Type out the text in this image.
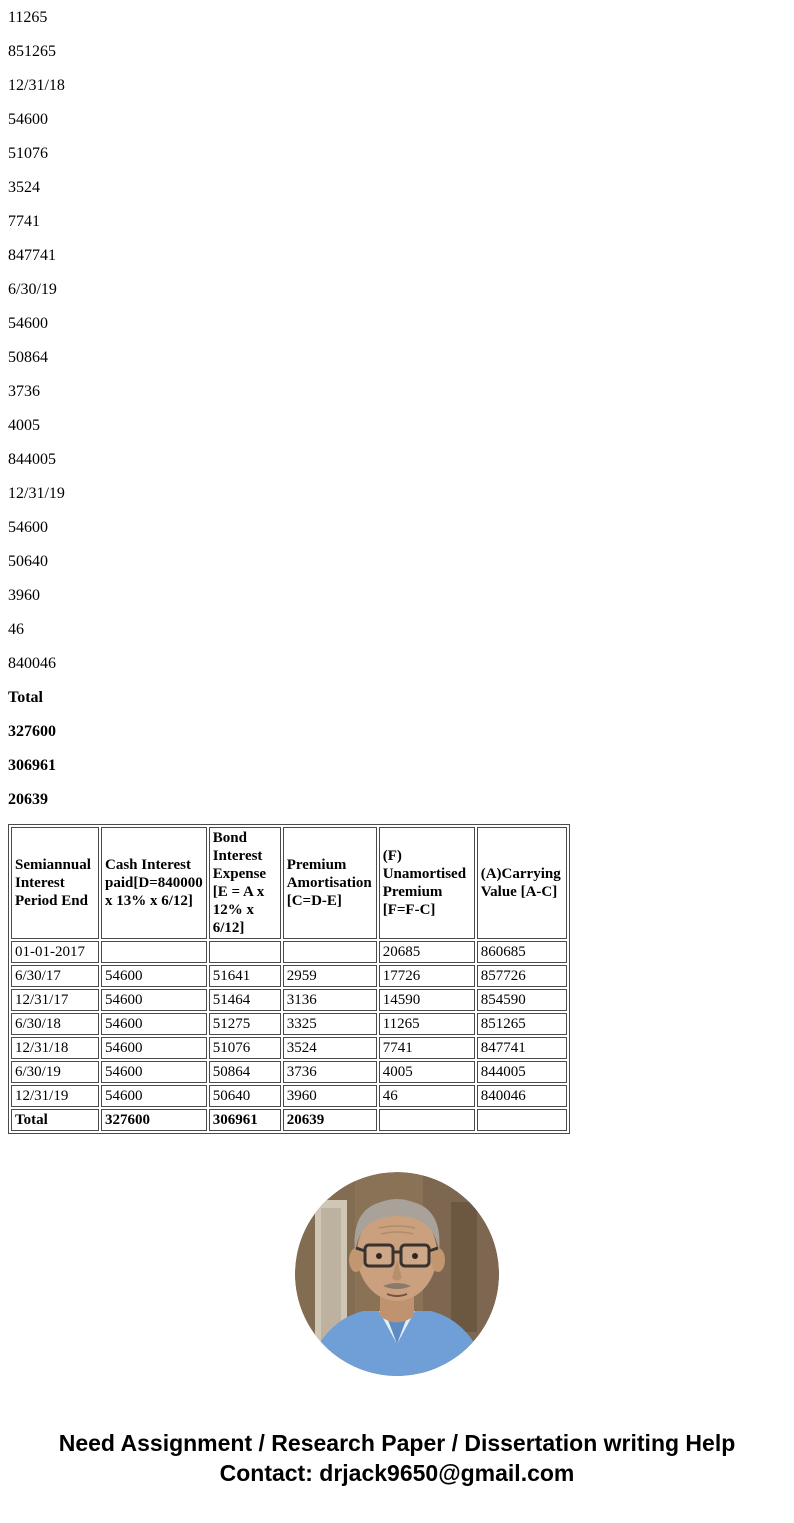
11265

851265

12/31/18

54600

51076

3524

7741

847741

6/30/19

54600

50864

3736

4005

844005

12/31/19

54600

50640

3960

46

840046

Total

327600

306961

20639

Semiannual Interest Period End	Cash Interest paid[D=840000 x 13% x 6/12]	Bond Interest Expense [E = A x 12% x 6/12]	Premium Amortisation [C=D-E]	(F) Unamortised Premium [F=F-C]	(A)Carrying Value [A-C]
01-01-2017				20685	860685
6/30/17	54600	51641	2959	17726	857726
12/31/17	54600	51464	3136	14590	854590
6/30/18	54600	51275	3325	11265	851265
12/31/18	54600	51076	3524	7741	847741
6/30/19	54600	50864	3736	4005	844005
12/31/19	54600	50640	3960	46	840046
Total	327600	306961	20639		
Need Assignment / Research Paper / Dissertation writing Help
Contact: drjack9650@gmail.com
